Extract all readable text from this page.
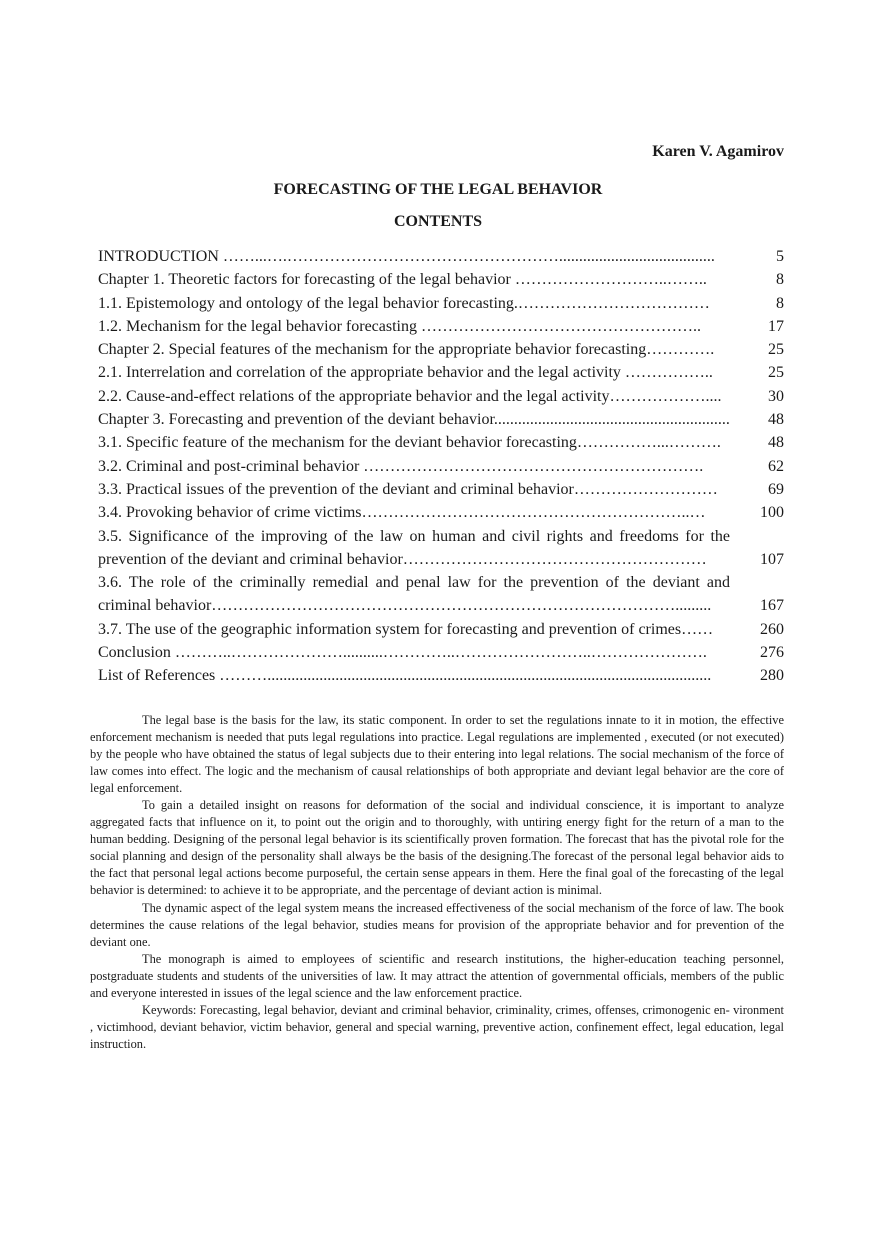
Karen V. Agamirov
FORECASTING OF THE LEGAL BEHAVIOR
CONTENTS
INTRODUCTION ……...….…………………………………………….......................................	5
Chapter 1. Theoretic factors for forecasting of the legal behavior ………………………..……..	8
1.1. Epistemology and ontology of the legal behavior forecasting.………………………………	8
1.2. Mechanism for the legal behavior forecasting ……………………………………………..	17
Chapter 2. Special features of the mechanism for the appropriate behavior forecasting………….	25
2.1. Interrelation and correlation of the appropriate behavior and the legal activity ……………..	25
2.2. Cause-and-effect relations of the appropriate behavior and the legal activity………………....	30
Chapter 3. Forecasting and prevention of the deviant behavior...........................................................	48
3.1. Specific feature of the mechanism for the deviant behavior forecasting……………...……….	48
3.2. Criminal and post-criminal behavior ……………………………………………………….	62
3.3. Practical issues of the prevention of the deviant and criminal behavior………………………	69
3.4. Provoking behavior of crime victims……………………………………………………..…	100
3.5. Significance of the improving of the law on human and civil rights and freedoms for the prevention of the deviant and criminal behavior…………………………………………………	107
3.6. The role of the criminally remedial and penal law for the prevention of the deviant and criminal behavior…………………………………………………………………………….........	167
3.7. The use of the geographic information system for forecasting and prevention of crimes……	260
Conclusion ………..…………………..........…………..……………………..………………….	276
List of References ………...............................................................................................................	280

The legal base is the basis for the law, its static component. In order to set the regulations innate to it in motion, the effective enforcement mechanism is needed that puts legal regulations into practice. Legal regulations are implemented , executed (or not executed) by the people who have obtained the status of legal subjects due to their entering into legal relations. The social mechanism of the force of law comes into effect. The logic and the mechanism of causal relationships of both appropriate and deviant legal behavior are the core of legal enforcement.

To gain a detailed insight on reasons for deformation of the social and individual conscience, it is important to analyze aggregated facts that influence on it, to point out the origin and to thoroughly, with untiring energy fight for the return of a man to the human bedding. Designing of the personal legal behavior is its scientifically proven formation. The forecast that has the pivotal role for the social planning and design of the personality shall always be the basis of the designing.The forecast of the personal legal behavior aids to the fact that personal legal actions become purposeful, the certain sense appears in them. Here the final goal of the forecasting of the legal behavior is determined: to achieve it to be appropriate, and the percentage of deviant action is minimal.

The dynamic aspect of the legal system means the increased effectiveness of the social mechanism of the force of law. The book determines the cause relations of the legal behavior, studies means for provision of the appropriate behavior and for prevention of the deviant one.

The monograph is aimed to employees of scientific and research institutions, the higher-education teaching personnel, postgraduate students and students of the universities of law. It may attract the attention of governmental officials, members of the public and everyone interested in issues of the legal science and the law enforcement practice.

Keywords: Forecasting, legal behavior, deviant and criminal behavior, criminality, crimes, offenses, crimonogenic en- vironment , victimhood, deviant behavior, victim behavior, general and special warning, preventive action, confinement effect, legal education, legal instruction.
